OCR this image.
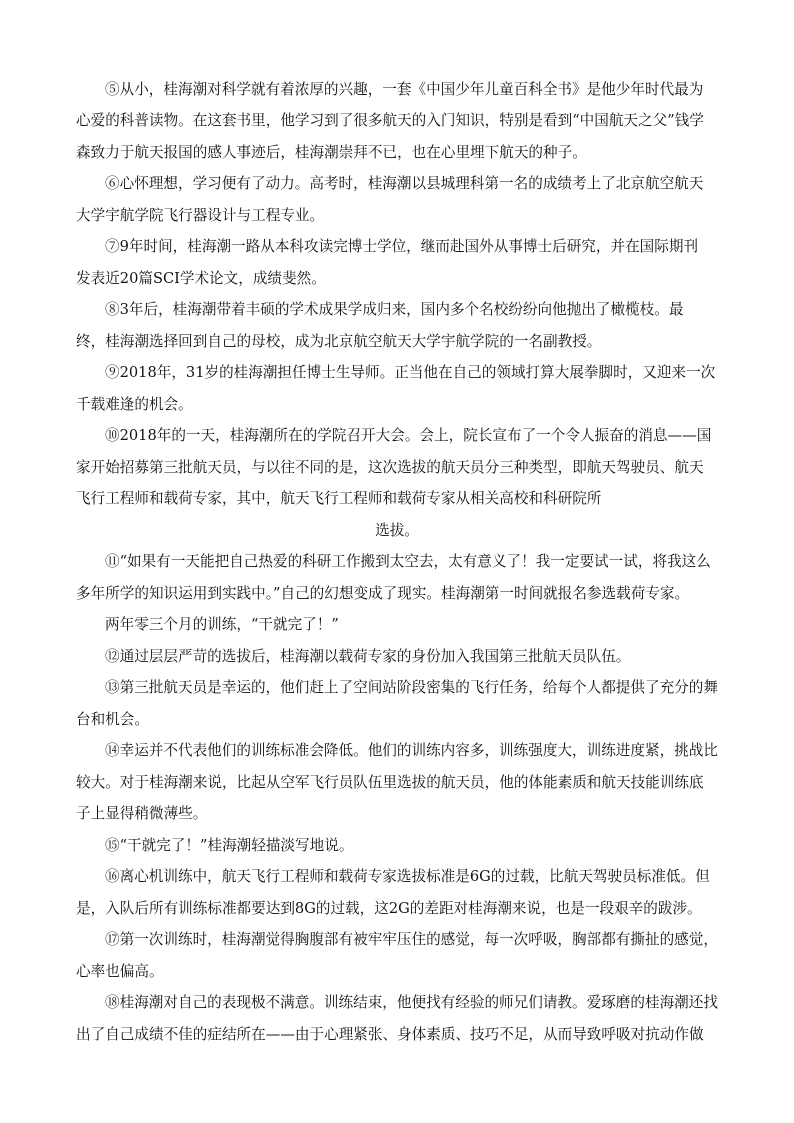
⑤从小，桂海潮对科学就有着浓厚的兴趣，一套《中国少年儿童百科全书》是他少年时代最为

心爱的科普读物。在这套书里，他学习到了很多航天的入门知识，特别是看到“中国航天之父”钱学

森致力于航天报国的感人事迹后，桂海潮崇拜不已，也在心里埋下航天的种子。

⑥心怀理想，学习便有了动力。高考时，桂海潮以县城理科第一名的成绩考上了北京航空航天

大学宇航学院飞行器设计与工程专业。

⑦9年时间，桂海潮一路从本科攻读完博士学位，继而赴国外从事博士后研究，并在国际期刊

发表近20篇SCI学术论文，成绩斐然。

⑧3年后，桂海潮带着丰硕的学术成果学成归来，国内多个名校纷纷向他抛出了橄榄枝。最

终，桂海潮选择回到自己的母校，成为北京航空航天大学宇航学院的一名副教授。

⑨2018年，31岁的桂海潮担任博士生导师。正当他在自己的领域打算大展拳脚时，又迎来一次

千载难逢的机会。

⑩2018年的一天，桂海潮所在的学院召开大会。会上，院长宣布了一个令人振奋的消息——国

家开始招募第三批航天员，与以往不同的是，这次选拔的航天员分三种类型，即航天驾驶员、航天

飞行工程师和载荷专家，其中，航天飞行工程师和载荷专家从相关高校和科研院所

选拔。

⑪“如果有一天能把自己热爱的科研工作搬到太空去，太有意义了！我一定要试一试，将我这么

多年所学的知识运用到实践中。”自己的幻想变成了现实。桂海潮第一时间就报名参选载荷专家。

两年零三个月的训练，“干就完了！”

⑫通过层层严苛的选拔后，桂海潮以载荷专家的身份加入我国第三批航天员队伍。

⑬第三批航天员是幸运的，他们赶上了空间站阶段密集的飞行任务，给每个人都提供了充分的舞

台和机会。

⑭幸运并不代表他们的训练标准会降低。他们的训练内容多，训练强度大，训练进度紧，挑战比

较大。对于桂海潮来说，比起从空军飞行员队伍里选拔的航天员，他的体能素质和航天技能训练底

子上显得稍微薄些。

⑮“干就完了！”桂海潮轻描淡写地说。

⑯离心机训练中，航天飞行工程师和载荷专家选拔标准是6G的过载，比航天驾驶员标准低。但

是，入队后所有训练标准都要达到8G的过载，这2G的差距对桂海潮来说，也是一段艰辛的跋涉。

⑰第一次训练时，桂海潮觉得胸腹部有被牢牢压住的感觉，每一次呼吸，胸部都有撕扯的感觉，

心率也偏高。

⑱桂海潮对自己的表现极不满意。训练结束，他便找有经验的师兄们请教。爱琢磨的桂海潮还找

出了自己成绩不佳的症结所在——由于心理紧张、身体素质、技巧不足，从而导致呼吸对抗动作做
